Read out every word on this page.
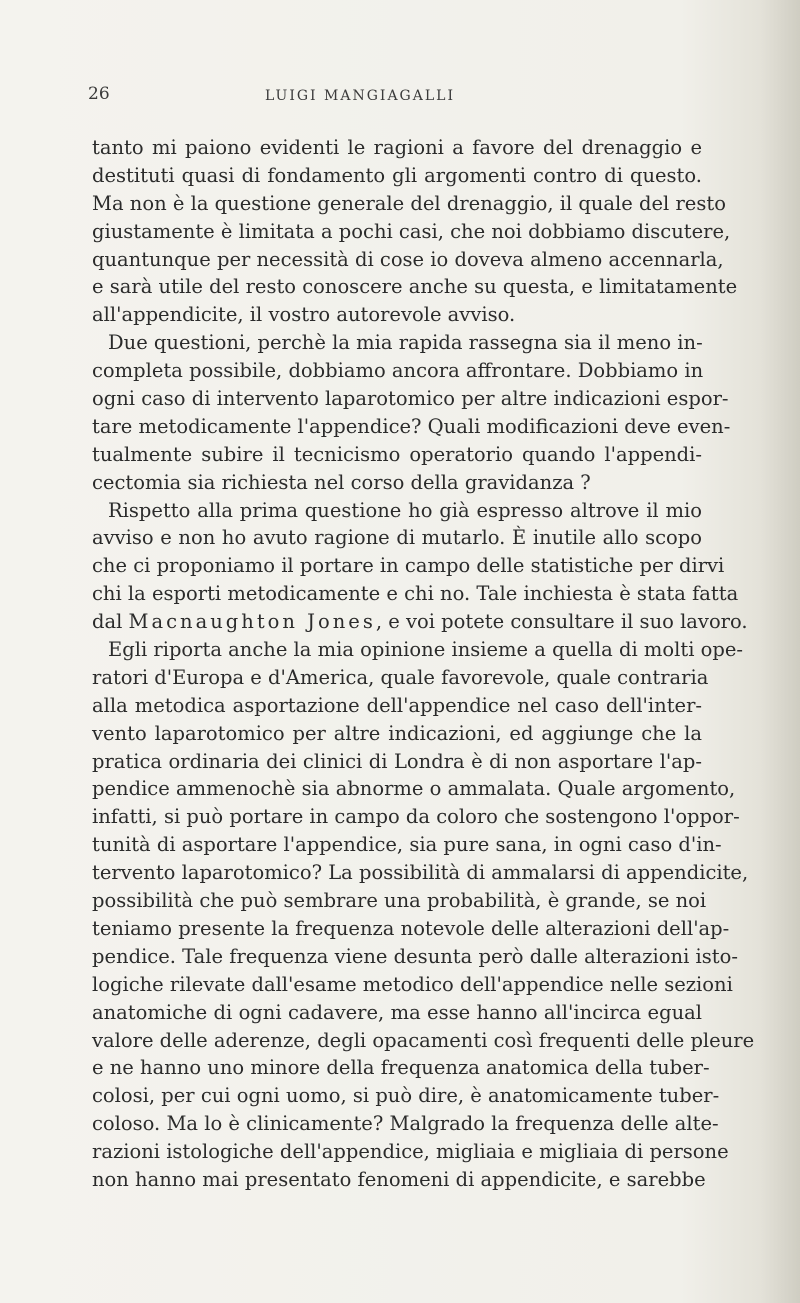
26	LUIGI MANGIAGALLI
tanto mi paiono evidenti le ragioni a favore del drenaggio e
destituti quasi di fondamento gli argomenti contro di questo.
Ma non è la questione generale del drenaggio, il quale del resto
giustamente è limitata a pochi casi, che noi dobbiamo discutere,
quantunque per necessità di cose io doveva almeno accennarla,
e sarà utile del resto conoscere anche su questa, e limitatamente
all'appendicite, il vostro autorevole avviso.
Due questioni, perchè la mia rapida rassegna sia il meno in-
completa possibile, dobbiamo ancora affrontare. Dobbiamo in
ogni caso di intervento laparotomico per altre indicazioni espor-
tare metodicamente l'appendice? Quali modificazioni deve even-
tualmente subire il tecnicismo operatorio quando l'appendi-
cectomia sia richiesta nel corso della gravidanza ?
Rispetto alla prima questione ho già espresso altrove il mio
avviso e non ho avuto ragione di mutarlo. È inutile allo scopo
che ci proponiamo il portare in campo delle statistiche per dirvi
chi la esporti metodicamente e chi no. Tale inchiesta è stata fatta
dal Macnaughton Jones, e voi potete consultare il suo lavoro.
Egli riporta anche la mia opinione insieme a quella di molti ope-
ratori d'Europa e d'America, quale favorevole, quale contraria
alla metodica asportazione dell'appendice nel caso dell'inter-
vento laparotomico per altre indicazioni, ed aggiunge che la
pratica ordinaria dei clinici di Londra è di non asportare l'ap-
pendice ammenochè sia abnorme o ammalata. Quale argomento,
infatti, si può portare in campo da coloro che sostengono l'oppor-
tunità di asportare l'appendice, sia pure sana, in ogni caso d'in-
tervento laparotomico? La possibilità di ammalarsi di appendicite,
possibilità che può sembrare una probabilità, è grande, se noi
teniamo presente la frequenza notevole delle alterazioni dell'ap-
pendice. Tale frequenza viene desunta però dalle alterazioni isto-
logiche rilevate dall'esame metodico dell'appendice nelle sezioni
anatomiche di ogni cadavere, ma esse hanno all'incirca egual
valore delle aderenze, degli opacamenti così frequenti delle pleure
e ne hanno uno minore della frequenza anatomica della tuber-
colosi, per cui ogni uomo, si può dire, è anatomicamente tuber-
coloso. Ma lo è clinicamente? Malgrado la frequenza delle alte-
razioni istologiche dell'appendice, migliaia e migliaia di persone
non hanno mai presentato fenomeni di appendicite, e sarebbe
